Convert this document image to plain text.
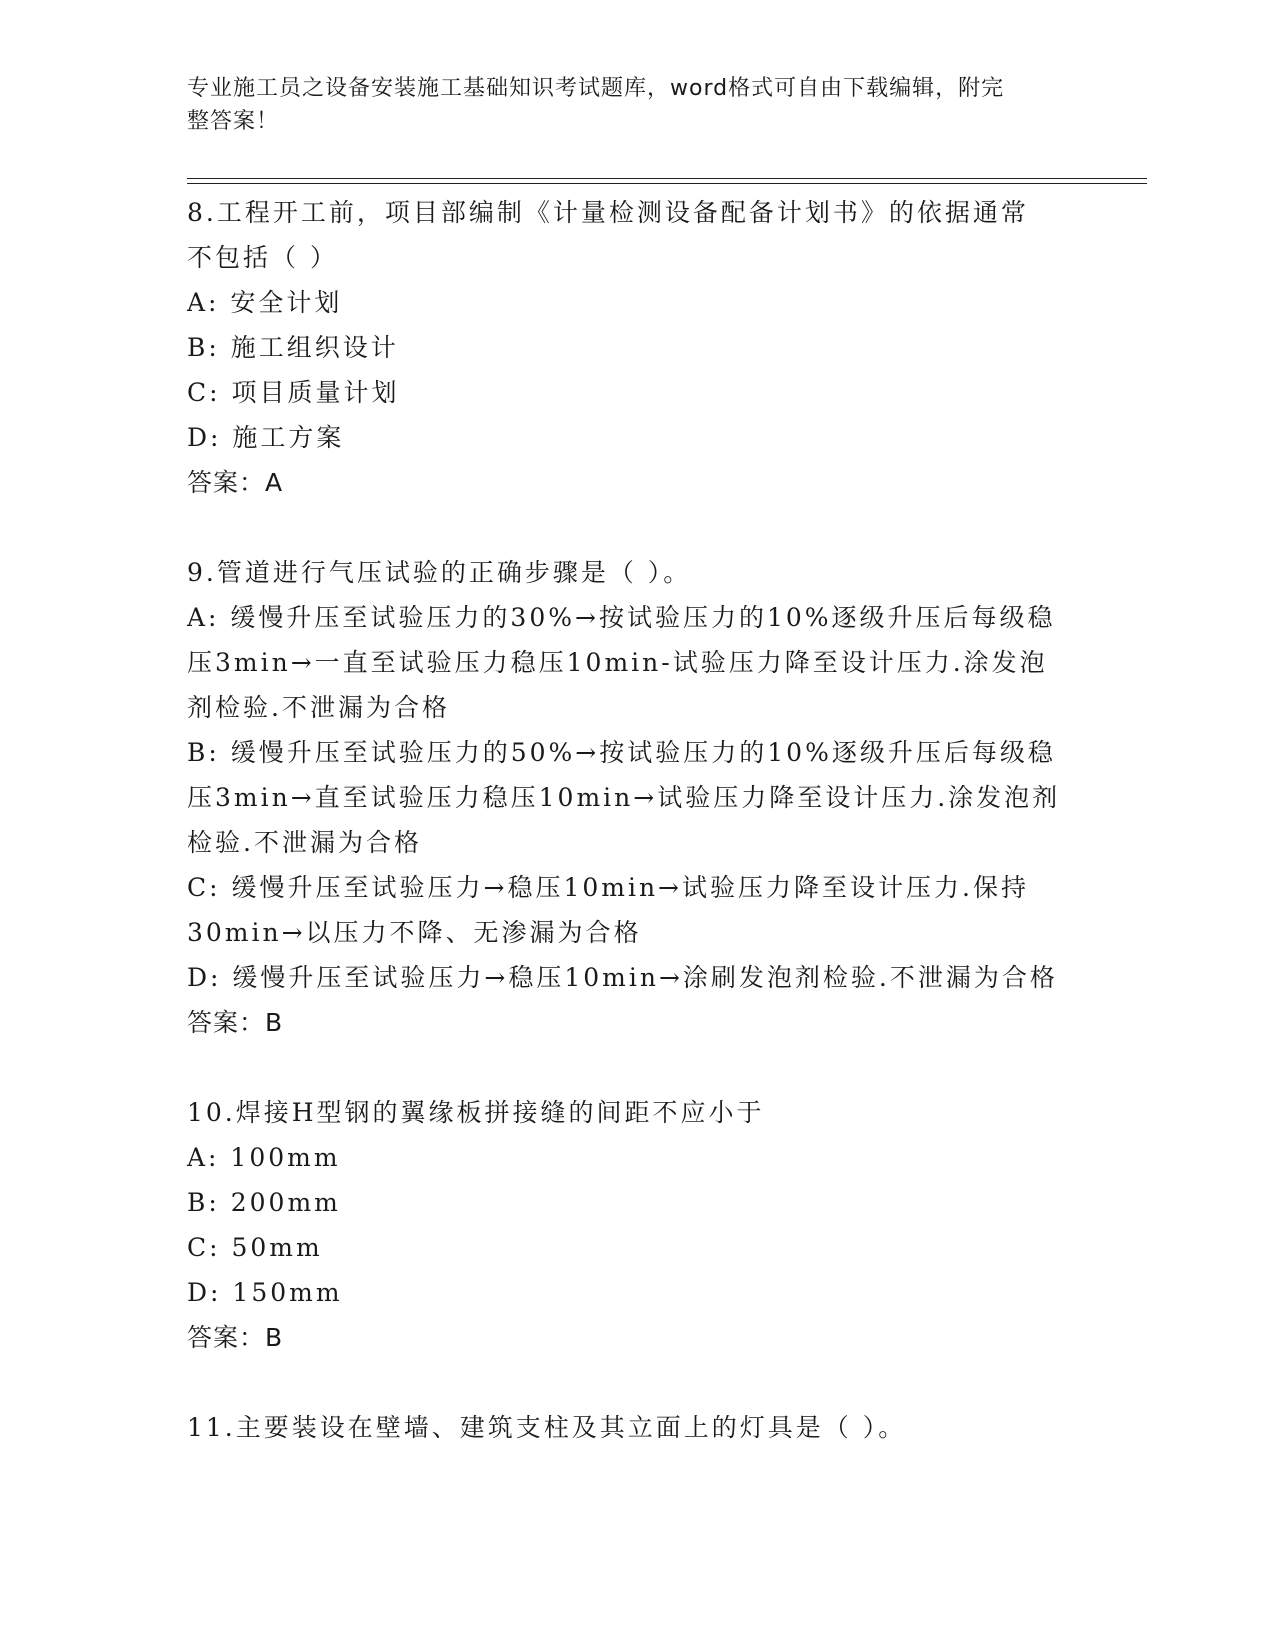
专业施工员之设备安装施工基础知识考试题库，word格式可自由下载编辑，附完
整答案！
8.工程开工前，项目部编制《计量检测设备配备计划书》的依据通常
不包括（ ）
A: 安全计划
B: 施工组织设计
C: 项目质量计划
D: 施工方案
答案：A
9.管道进行气压试验的正确步骤是（ ）。
A: 缓慢升压至试验压力的30%→按试验压力的10%逐级升压后每级稳
压3min→一直至试验压力稳压10min-试验压力降至设计压力.涂发泡
剂检验.不泄漏为合格
B: 缓慢升压至试验压力的50%→按试验压力的10%逐级升压后每级稳
压3min→直至试验压力稳压10min→试验压力降至设计压力.涂发泡剂
检验.不泄漏为合格
C: 缓慢升压至试验压力→稳压10min→试验压力降至设计压力.保持
30min→以压力不降、无渗漏为合格
D: 缓慢升压至试验压力→稳压10min→涂刷发泡剂检验.不泄漏为合格
答案：B
10.焊接H型钢的翼缘板拼接缝的间距不应小于
A: 100mm
B: 200mm
C: 50mm
D: 150mm
答案：B
11.主要装设在壁墙、建筑支柱及其立面上的灯具是（ ）。
